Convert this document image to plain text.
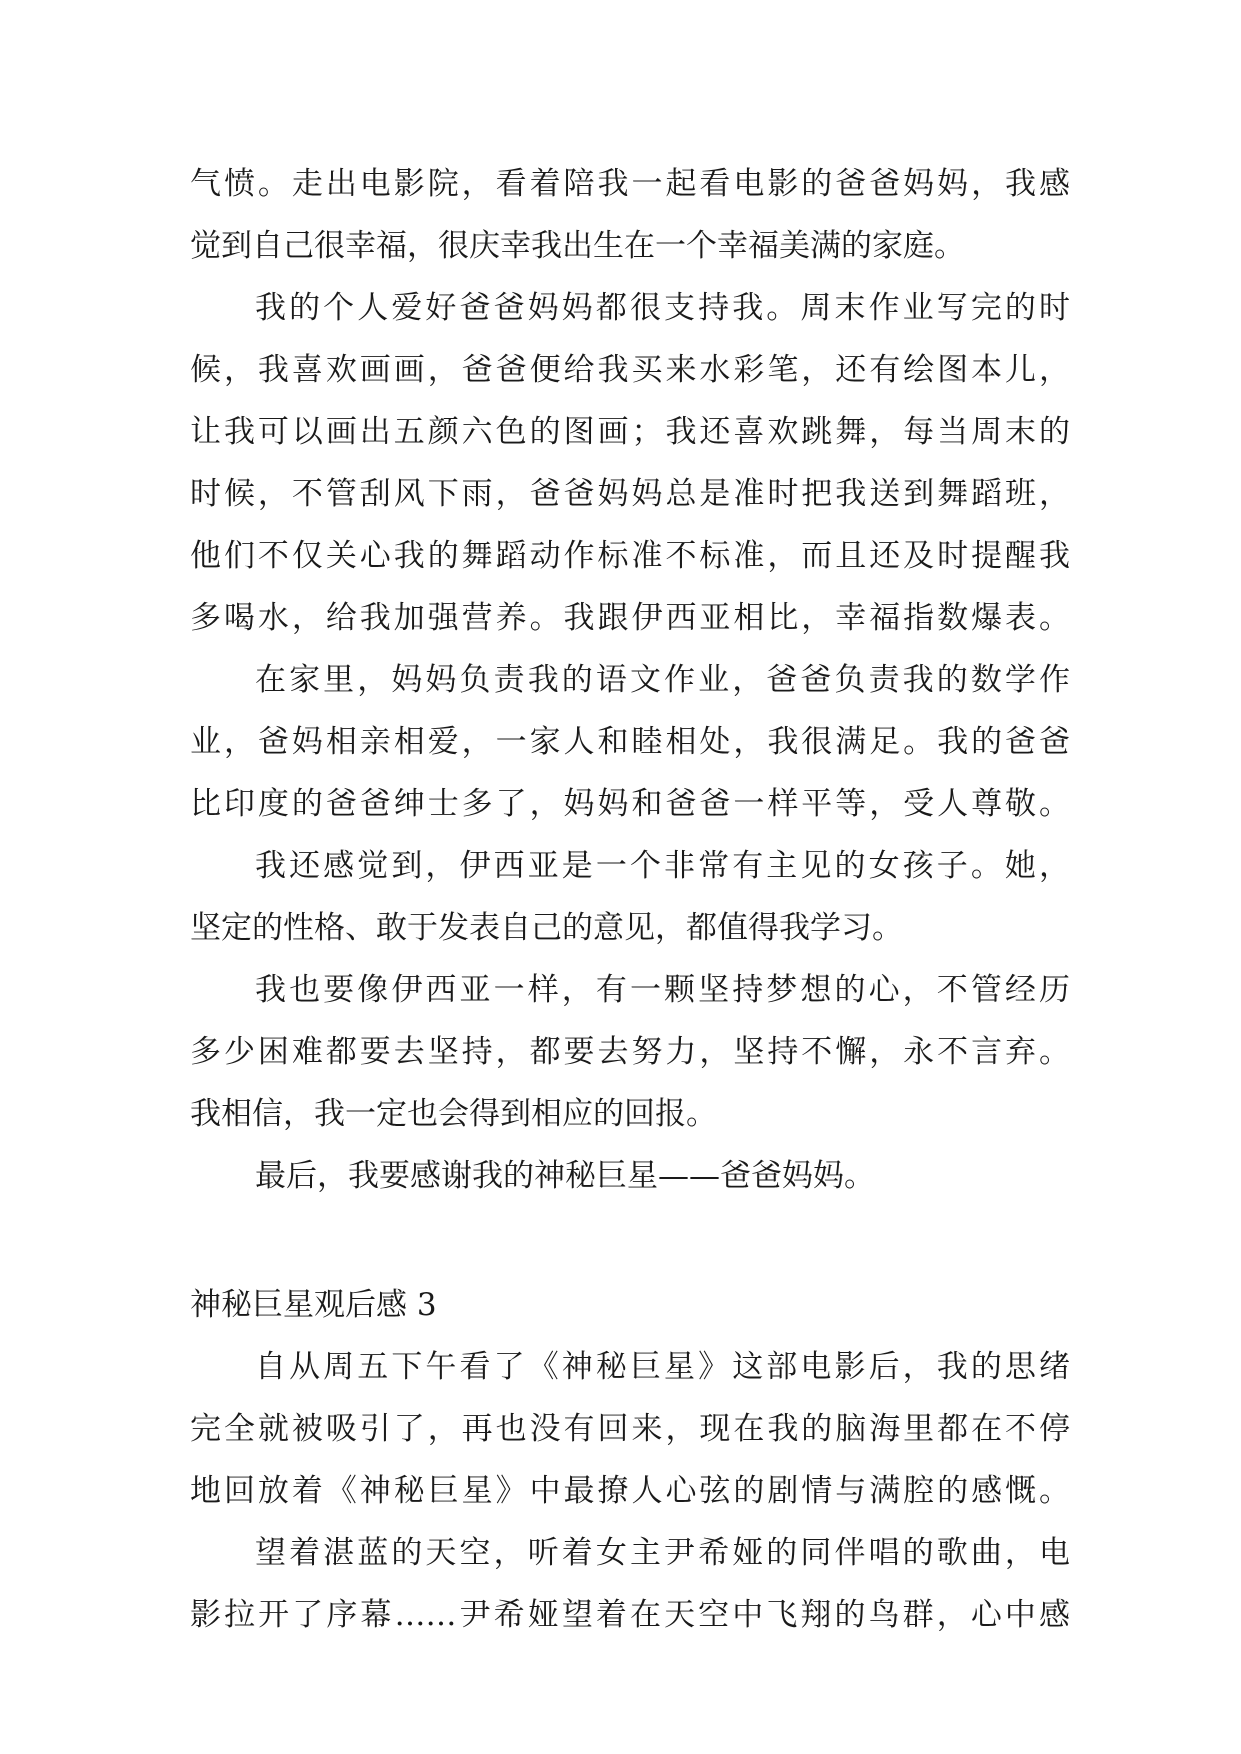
气愤。走出电影院，看着陪我一起看电影的爸爸妈妈，我感
觉到自己很幸福，很庆幸我出生在一个幸福美满的家庭。
我的个人爱好爸爸妈妈都很支持我。周末作业写完的时
候，我喜欢画画，爸爸便给我买来水彩笔，还有绘图本儿，
让我可以画出五颜六色的图画；我还喜欢跳舞，每当周末的
时候，不管刮风下雨，爸爸妈妈总是准时把我送到舞蹈班，
他们不仅关心我的舞蹈动作标准不标准，而且还及时提醒我
多喝水，给我加强营养。我跟伊西亚相比，幸福指数爆表。
在家里，妈妈负责我的语文作业，爸爸负责我的数学作
业，爸妈相亲相爱，一家人和睦相处，我很满足。我的爸爸
比印度的爸爸绅士多了，妈妈和爸爸一样平等，受人尊敬。
我还感觉到，伊西亚是一个非常有主见的女孩子。她，
坚定的性格、敢于发表自己的意见，都值得我学习。
我也要像伊西亚一样，有一颗坚持梦想的心，不管经历
多少困难都要去坚持，都要去努力，坚持不懈，永不言弃。
我相信，我一定也会得到相应的回报。
最后，我要感谢我的神秘巨星——爸爸妈妈。
神秘巨星观后感 3
自从周五下午看了《神秘巨星》这部电影后，我的思绪
完全就被吸引了，再也没有回来，现在我的脑海里都在不停
地回放着《神秘巨星》中最撩人心弦的剧情与满腔的感慨。
望着湛蓝的天空，听着女主尹希娅的同伴唱的歌曲，电
影拉开了序幕……尹希娅望着在天空中飞翔的鸟群，心中感
